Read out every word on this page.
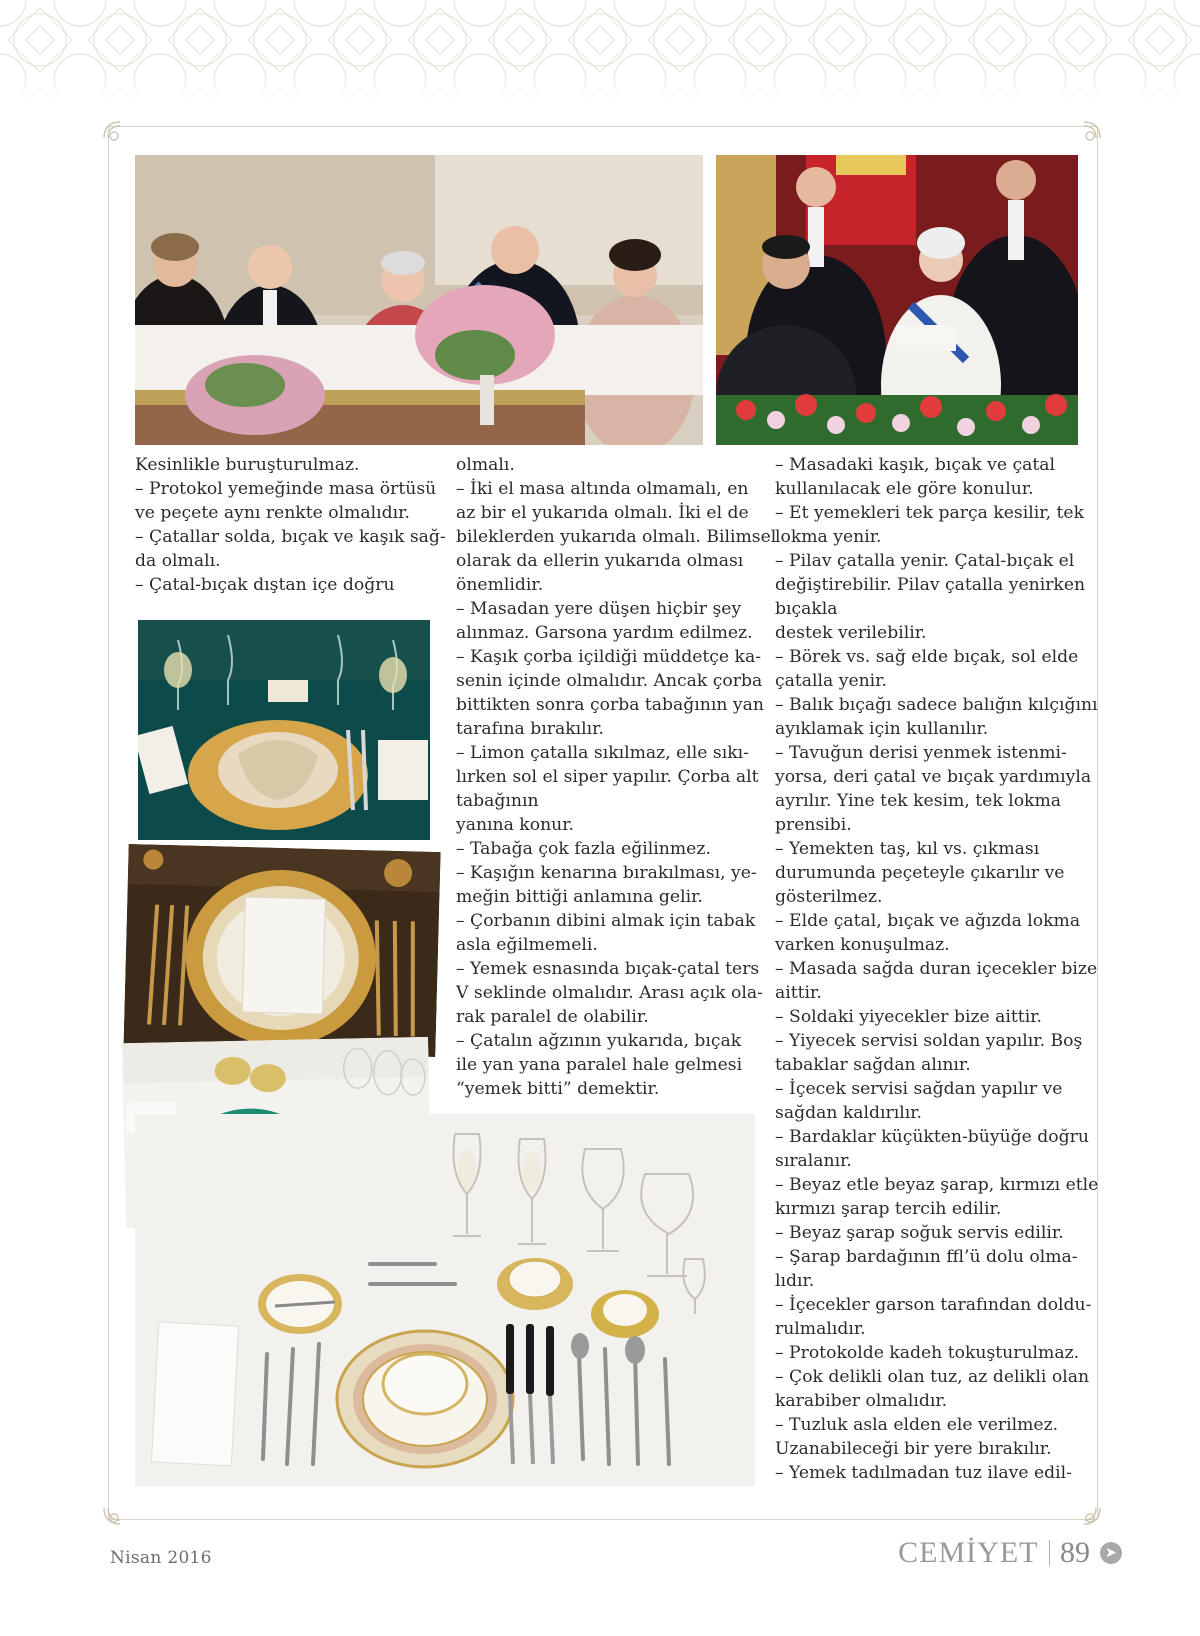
Kesinlikle buruşturulmaz.

– Protokol yemeğinde masa örtüsü

ve peçete aynı renkte olmalıdır.

– Çatallar solda, bıçak ve kaşık sağ-

da olmalı.

– Çatal-bıçak dıştan içe doğru

olmalı.

– İki el masa altında olmamalı, en

az bir el yukarıda olmalı. İki el de

bileklerden yukarıda olmalı. Bilimsel

olarak da ellerin yukarıda olması

önemlidir.

– Masadan yere düşen hiçbir şey

alınmaz. Garsona yardım edilmez.

– Kaşık çorba içildiği müddetçe ka-

senin içinde olmalıdır. Ancak çorba

bittikten sonra çorba tabağının yan

tarafına bırakılır.

– Limon çatalla sıkılmaz, elle sıkı-

lırken sol el siper yapılır. Çorba alt

tabağının

yanına konur.

– Tabağa çok fazla eğilinmez.

– Kaşığın kenarına bırakılması, ye-

meğin bittiği anlamına gelir.

– Çorbanın dibini almak için tabak

asla eğilmemeli.

– Yemek esnasında bıçak-çatal ters

V seklinde olmalıdır. Arası açık ola-

rak paralel de olabilir.

– Çatalın ağzının yukarıda, bıçak

ile yan yana paralel hale gelmesi

“yemek bitti” demektir.

– Masadaki kaşık, bıçak ve çatal

kullanılacak ele göre konulur.

– Et yemekleri tek parça kesilir, tek

lokma yenir.

– Pilav çatalla yenir. Çatal-bıçak el

değiştirebilir. Pilav çatalla yenirken

bıçakla

destek verilebilir.

– Börek vs. sağ elde bıçak, sol elde

çatalla yenir.

– Balık bıçağı sadece balığın kılçığını

ayıklamak için kullanılır.

– Tavuğun derisi yenmek istenmi-

yorsa, deri çatal ve bıçak yardımıyla

ayrılır. Yine tek kesim, tek lokma

prensibi.

– Yemekten taş, kıl vs. çıkması

durumunda peçeteyle çıkarılır ve

gösterilmez.

– Elde çatal, bıçak ve ağızda lokma

varken konuşulmaz.

– Masada sağda duran içecekler bize

aittir.

– Soldaki yiyecekler bize aittir.

– Yiyecek servisi soldan yapılır. Boş

tabaklar sağdan alınır.

– İçecek servisi sağdan yapılır ve

sağdan kaldırılır.

– Bardaklar küçükten-büyüğe doğru

sıralanır.

– Beyaz etle beyaz şarap, kırmızı etle

kırmızı şarap tercih edilir.

– Beyaz şarap soğuk servis edilir.

– Şarap bardağının ffl’ü dolu olma-

lıdır.

– İçecekler garson tarafından doldu-

rulmalıdır.

– Protokolde kadeh tokuşturulmaz.

– Çok delikli olan tuz, az delikli olan

karabiber olmalıdır.

– Tuzluk asla elden ele verilmez.

Uzanabileceği bir yere bırakılır.

– Yemek tadılmadan tuz ilave edil-

Nisan 2016	CEMİYET 89	➤
